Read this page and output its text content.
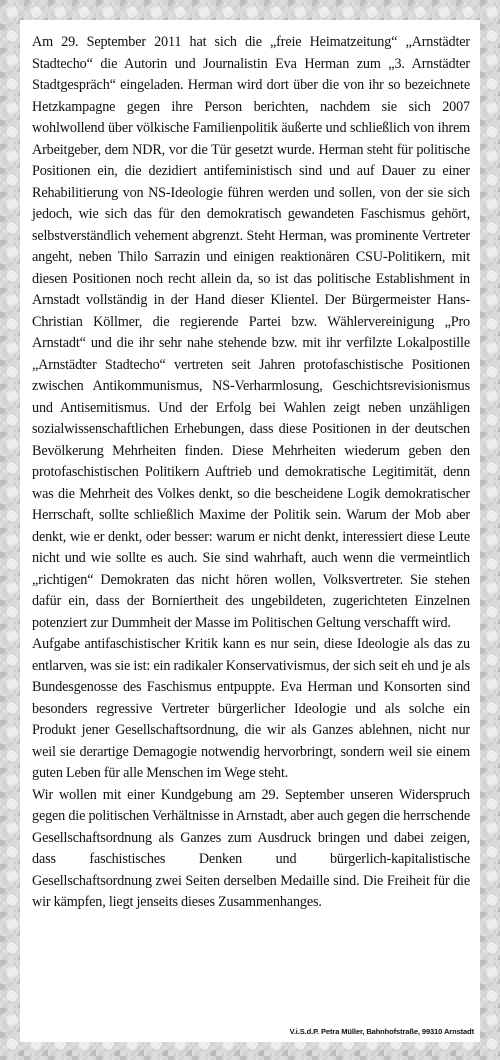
Am 29. September 2011 hat sich die „freie Heimatzeitung“ „Arnstädter Stadtecho“ die Autorin und Journalistin Eva Herman zum „3. Arnstädter Stadtgespräch“ eingeladen. Herman wird dort über die von ihr so bezeichnete Hetzkampagne gegen ihre Person berichten, nachdem sie sich 2007 wohlwollend über völkische Familienpolitik äußerte und schließlich von ihrem Arbeitgeber, dem NDR, vor die Tür gesetzt wurde. Herman steht für politische Positionen ein, die dezidiert antifeministisch sind und auf Dauer zu einer Rehabilitierung von NS-Ideologie führen werden und sollen, von der sie sich jedoch, wie sich das für den demokratisch gewandeten Faschismus gehört, selbstverständlich vehement abgrenzt. Steht Herman, was prominente Vertreter angeht, neben Thilo Sarrazin und einigen reaktionären CSU-Politikern, mit diesen Positionen noch recht allein da, so ist das politische Establishment in Arnstadt vollständig in der Hand dieser Klientel. Der Bürgermeister Hans-Christian Köllmer, die regierende Partei bzw. Wählervereinigung „Pro Arnstadt“ und die ihr sehr nahe stehende bzw. mit ihr verfilzte Lokalpostille „Arnstädter Stadtecho“ vertreten seit Jahren protofaschistische Positionen zwischen Antikommunismus, NS-Verharmlosung, Geschichtsrevisionismus und Antisemitismus. Und der Erfolg bei Wahlen zeigt neben unzähligen sozialwissenschaftlichen Erhebungen, dass diese Positionen in der deutschen Bevölkerung Mehrheiten finden. Diese Mehrheiten wiederum geben den protofaschistischen Politikern Auftrieb und demokratische Legitimität, denn was die Mehrheit des Volkes denkt, so die bescheidene Logik demokratischer Herrschaft, sollte schließlich Maxime der Politik sein. Warum der Mob aber denkt, wie er denkt, oder besser: warum er nicht denkt, interessiert diese Leute nicht und wie sollte es auch. Sie sind wahrhaft, auch wenn die vermeintlich „richtigen“ Demokraten das nicht hören wollen, Volksvertreter. Sie stehen dafür ein, dass der Borniertheit des ungebildeten, zugerichteten Einzelnen potenziert zur Dummheit der Masse im Politischen Geltung verschafft wird.

Aufgabe antifaschistischer Kritik kann es nur sein, diese Ideologie als das zu entlarven, was sie ist: ein radikaler Konservativismus, der sich seit eh und je als Bundesgenosse des Faschismus entpuppte. Eva Herman und Konsorten sind besonders regressive Vertreter bürgerlicher Ideologie und als solche ein Produkt jener Gesellschaftsordnung, die wir als Ganzes ablehnen, nicht nur weil sie derartige Demagogie notwendig hervorbringt, sondern weil sie einem guten Leben für alle Menschen im Wege steht.

Wir wollen mit einer Kundgebung am 29. September unseren Widerspruch gegen die politischen Verhältnisse in Arnstadt, aber auch gegen die herrschende Gesellschaftsordnung als Ganzes zum Ausdruck bringen und dabei zeigen, dass faschistisches Denken und bürgerlich-kapitalistische Gesellschaftsordnung zwei Seiten derselben Medaille sind. Die Freiheit für die wir kämpfen, liegt jenseits dieses Zusammenhanges.

V.i.S.d.P. Petra Müller, Bahnhofstraße, 99310 Arnstadt
